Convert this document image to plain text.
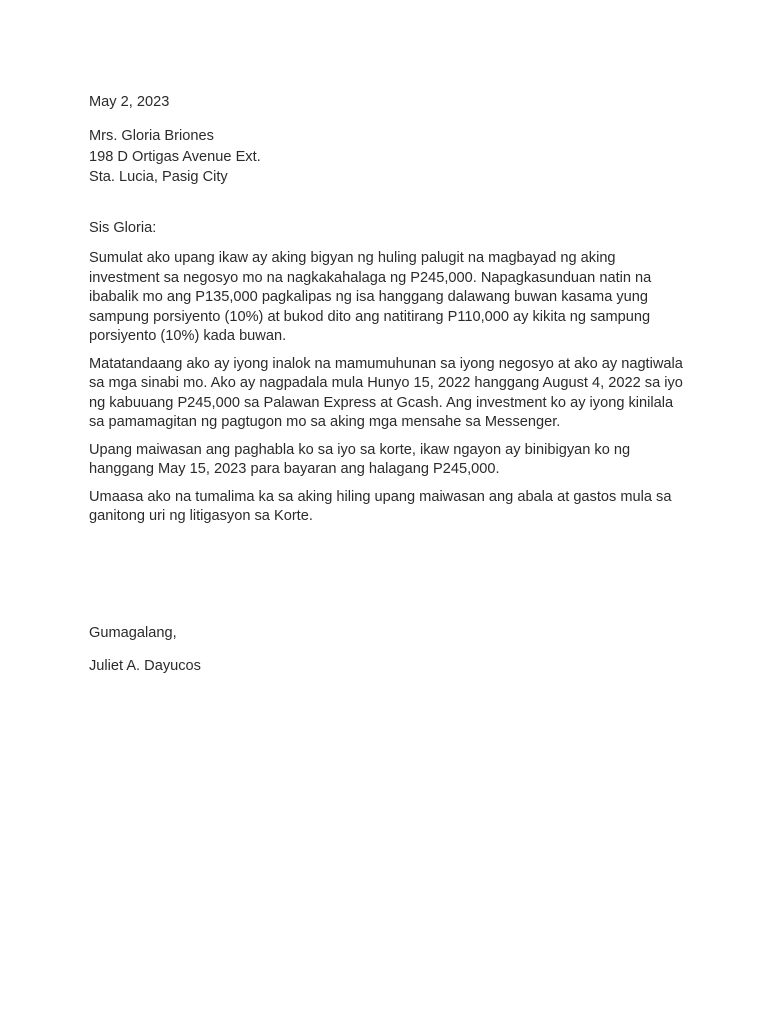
May 2, 2023
Mrs. Gloria Briones
198 D Ortigas Avenue Ext.
Sta. Lucia, Pasig City
Sis Gloria:

Sumulat ako upang ikaw ay aking bigyan ng huling palugit na magbayad ng aking investment sa negosyo mo na nagkakahalaga ng P245,000. Napagkasunduan natin na ibabalik mo ang P135,000 pagkalipas ng isa hanggang dalawang buwan kasama yung sampung porsiyento (10%) at bukod dito ang natitirang P110,000 ay kikita ng sampung porsiyento (10%) kada buwan.

Matatandaang ako ay iyong inalok na mamumuhunan sa iyong negosyo at ako ay nagtiwala sa mga sinabi mo. Ako ay nagpadala mula Hunyo 15, 2022 hanggang August 4, 2022 sa iyo ng kabuuang P245,000 sa Palawan Express at Gcash. Ang investment ko ay iyong kinilala sa pamamagitan ng pagtugon mo sa aking mga mensahe sa Messenger.

Upang maiwasan ang paghabla ko sa iyo sa korte, ikaw ngayon ay binibigyan ko ng hanggang May 15, 2023 para bayaran ang halagang P245,000.

Umaasa ako na tumalima ka sa aking hiling upang maiwasan ang abala at gastos mula sa ganitong uri ng litigasyon sa Korte.

Gumagalang,
Juliet A. Dayucos
